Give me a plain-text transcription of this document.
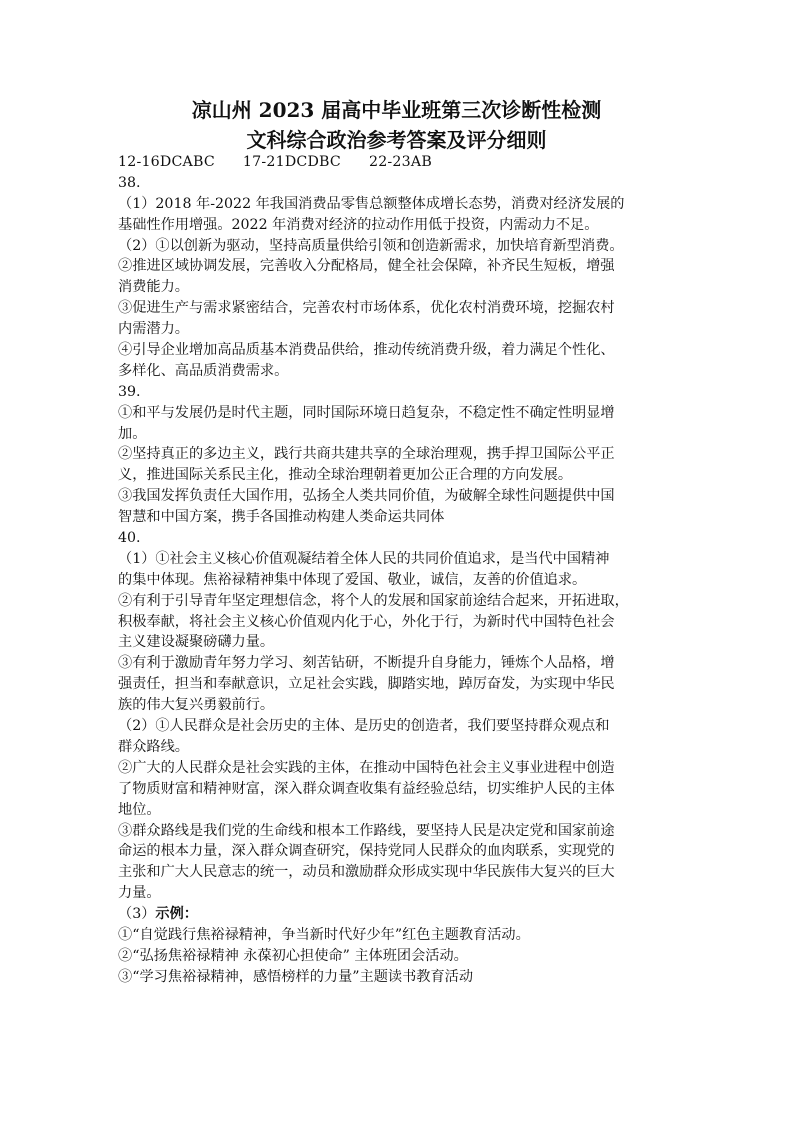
凉山州 2023 届高中毕业班第三次诊断性检测
文科综合政治参考答案及评分细则
12-16DCABC 17-21DCDBC 22-23AB
38.
（1）2018 年-2022 年我国消费品零售总额整体成增长态势，消费对经济发展的
基础性作用增强。2022 年消费对经济的拉动作用低于投资，内需动力不足。
（2）①以创新为驱动，坚持高质量供给引领和创造新需求，加快培育新型消费。
②推进区域协调发展，完善收入分配格局，健全社会保障，补齐民生短板，增强
消费能力。
③促进生产与需求紧密结合，完善农村市场体系，优化农村消费环境，挖掘农村
内需潜力。
④引导企业增加高品质基本消费品供给，推动传统消费升级，着力满足个性化、
多样化、高品质消费需求。
39.
①和平与发展仍是时代主题，同时国际环境日趋复杂，不稳定性不确定性明显增
加。
②坚持真正的多边主义，践行共商共建共享的全球治理观，携手捍卫国际公平正
义，推进国际关系民主化，推动全球治理朝着更加公正合理的方向发展。
③我国发挥负责任大国作用，弘扬全人类共同价值，为破解全球性问题提供中国
智慧和中国方案，携手各国推动构建人类命运共同体
40.
（1）①社会主义核心价值观凝结着全体人民的共同价值追求，是当代中国精神
的集中体现。焦裕禄精神集中体现了爱国、敬业，诚信，友善的价值追求。
②有利于引导青年坚定理想信念，将个人的发展和国家前途结合起来，开拓进取，
积极奉献，将社会主义核心价值观内化于心，外化于行，为新时代中国特色社会
主义建设凝聚磅礴力量。
③有利于激励青年努力学习、刻苦钻研，不断提升自身能力，锤炼个人品格，增
强责任，担当和奉献意识，立足社会实践，脚踏实地，踔厉奋发，为实现中华民
族的伟大复兴勇毅前行。
（2）①人民群众是社会历史的主体、是历史的创造者，我们要坚持群众观点和
群众路线。
②广大的人民群众是社会实践的主体，在推动中国特色社会主义事业进程中创造
了物质财富和精神财富，深入群众调查收集有益经验总结，切实维护人民的主体
地位。
③群众路线是我们党的生命线和根本工作路线，要坚持人民是决定党和国家前途
命运的根本力量，深入群众调查研究，保持党同人民群众的血肉联系，实现党的
主张和广大人民意志的统一，动员和激励群众形成实现中华民族伟大复兴的巨大
力量。
（3）示例：
①“自觉践行焦裕禄精神，争当新时代好少年”红色主题教育活动。
②“弘扬焦裕禄精神 永葆初心担使命” 主体班团会活动。
③“学习焦裕禄精神，感悟榜样的力量”主题读书教育活动
